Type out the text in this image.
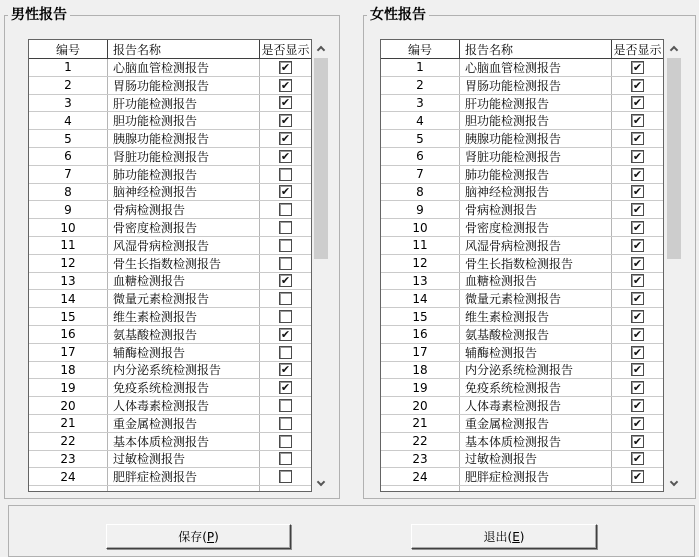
男性报告
编号	报告名称	是否显示
1	心脑血管检测报告	✔
2	胃肠功能检测报告	✔
3	肝功能检测报告	✔
4	胆功能检测报告	✔
5	胰腺功能检测报告	✔
6	肾脏功能检测报告	✔
7	肺功能检测报告
8	脑神经检测报告	✔
9	骨病检测报告
10	骨密度检测报告
11	风湿骨病检测报告
12	骨生长指数检测报告
13	血糖检测报告	✔
14	微量元素检测报告
15	维生素检测报告
16	氨基酸检测报告	✔
17	辅酶检测报告
18	内分泌系统检测报告	✔
19	免疫系统检测报告	✔
20	人体毒素检测报告
21	重金属检测报告
22	基本体质检测报告
23	过敏检测报告
24	肥胖症检测报告
女性报告
编号	报告名称	是否显示
1	心脑血管检测报告	✔
2	胃肠功能检测报告	✔
3	肝功能检测报告	✔
4	胆功能检测报告	✔
5	胰腺功能检测报告	✔
6	肾脏功能检测报告	✔
7	肺功能检测报告	✔
8	脑神经检测报告	✔
9	骨病检测报告	✔
10	骨密度检测报告	✔
11	风湿骨病检测报告	✔
12	骨生长指数检测报告	✔
13	血糖检测报告	✔
14	微量元素检测报告	✔
15	维生素检测报告	✔
16	氨基酸检测报告	✔
17	辅酶检测报告	✔
18	内分泌系统检测报告	✔
19	免疫系统检测报告	✔
20	人体毒素检测报告	✔
21	重金属检测报告	✔
22	基本体质检测报告	✔
23	过敏检测报告	✔
24	肥胖症检测报告	✔
保存( P )	退出( E )
